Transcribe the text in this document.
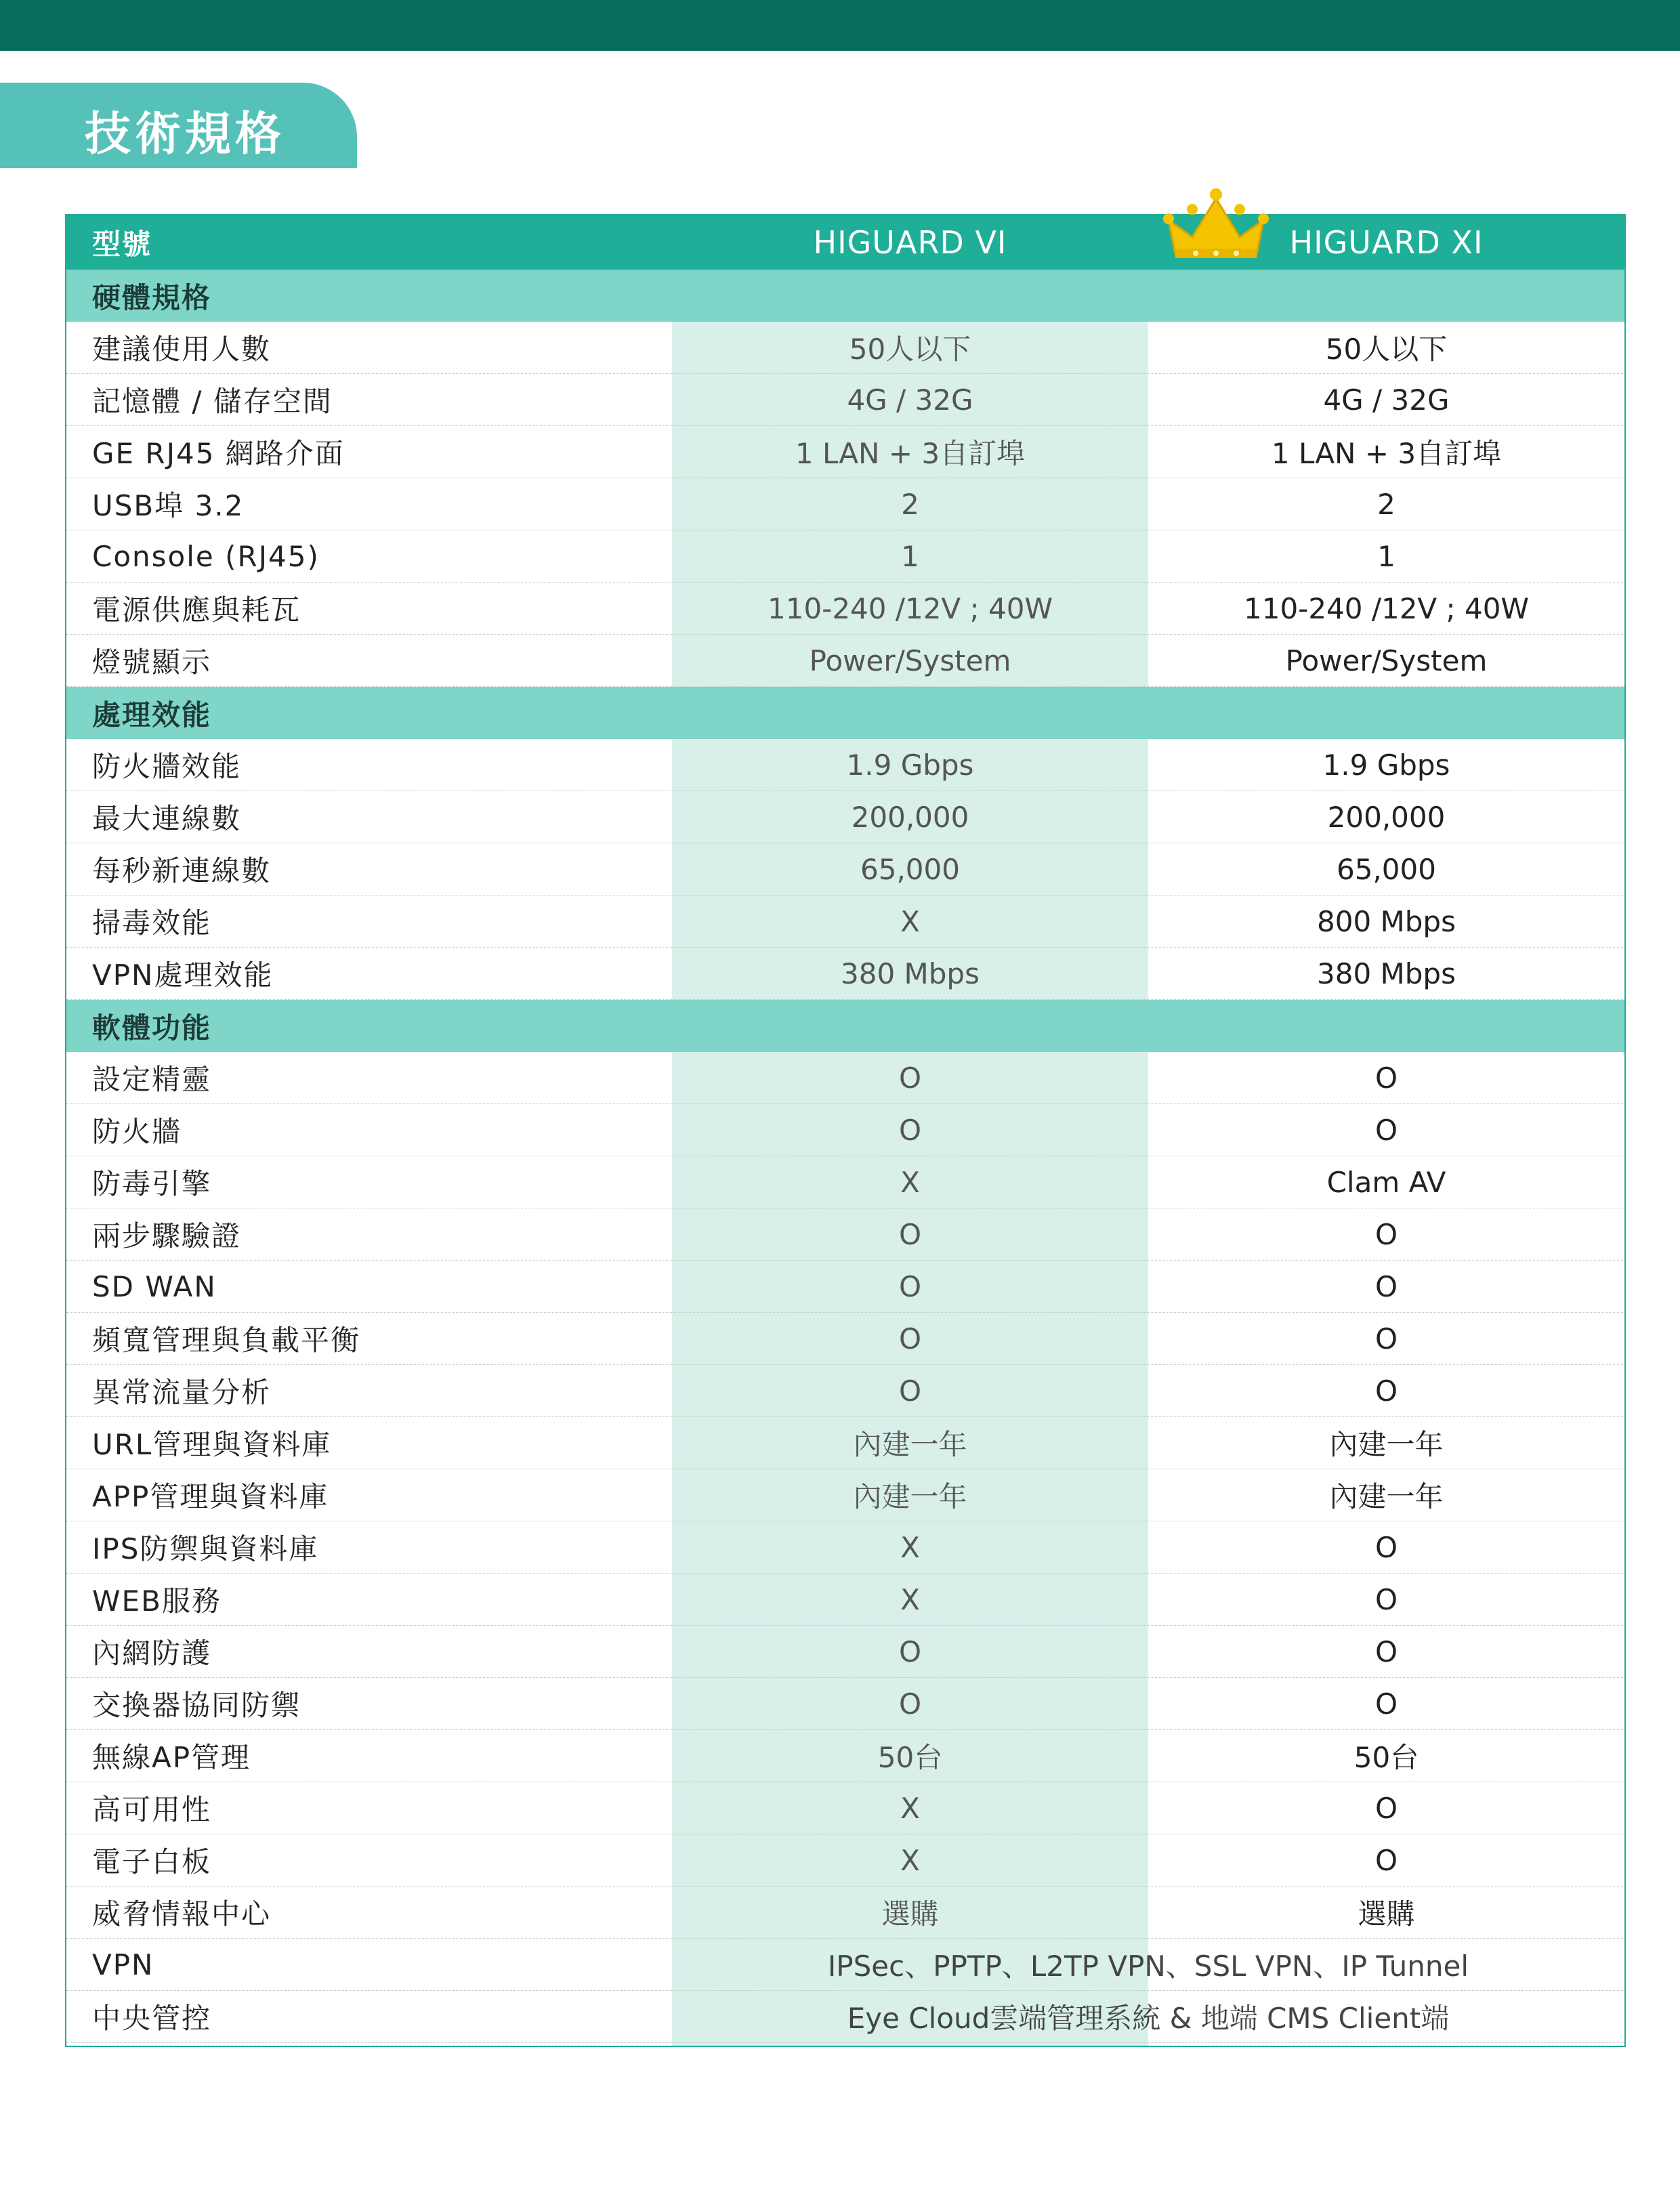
技術規格
型號	HIGUARD VI	HIGUARD XI
硬體規格
建議使用人數	50人以下	50人以下
記憶體 / 儲存空間	4G / 32G	4G / 32G
GE RJ45 網路介面	1 LAN + 3自訂埠	1 LAN + 3自訂埠
USB埠 3.2	2	2
Console (RJ45)	1	1
電源供應與耗瓦	110-240 /12V ; 40W	110-240 /12V ; 40W
燈號顯示	Power/System	Power/System
處理效能
防火牆效能	1.9 Gbps	1.9 Gbps
最大連線數	200,000	200,000
每秒新連線數	65,000	65,000
掃毒效能	X	800 Mbps
VPN處理效能	380 Mbps	380 Mbps
軟體功能
設定精靈	O	O
防火牆	O	O
防毒引擎	X	Clam AV
兩步驟驗證	O	O
SD WAN	O	O
頻寬管理與負載平衡	O	O
異常流量分析	O	O
URL管理與資料庫	內建一年	內建一年
APP管理與資料庫	內建一年	內建一年
IPS防禦與資料庫	X	O
WEB服務	X	O
內網防護	O	O
交換器協同防禦	O	O
無線AP管理	50台	50台
高可用性	X	O
電子白板	X	O
威脅情報中心	選購	選購
VPN	IPSec、PPTP、L2TP VPN、SSL VPN、IP Tunnel
中央管控	Eye Cloud雲端管理系統 & 地端 CMS Client端
